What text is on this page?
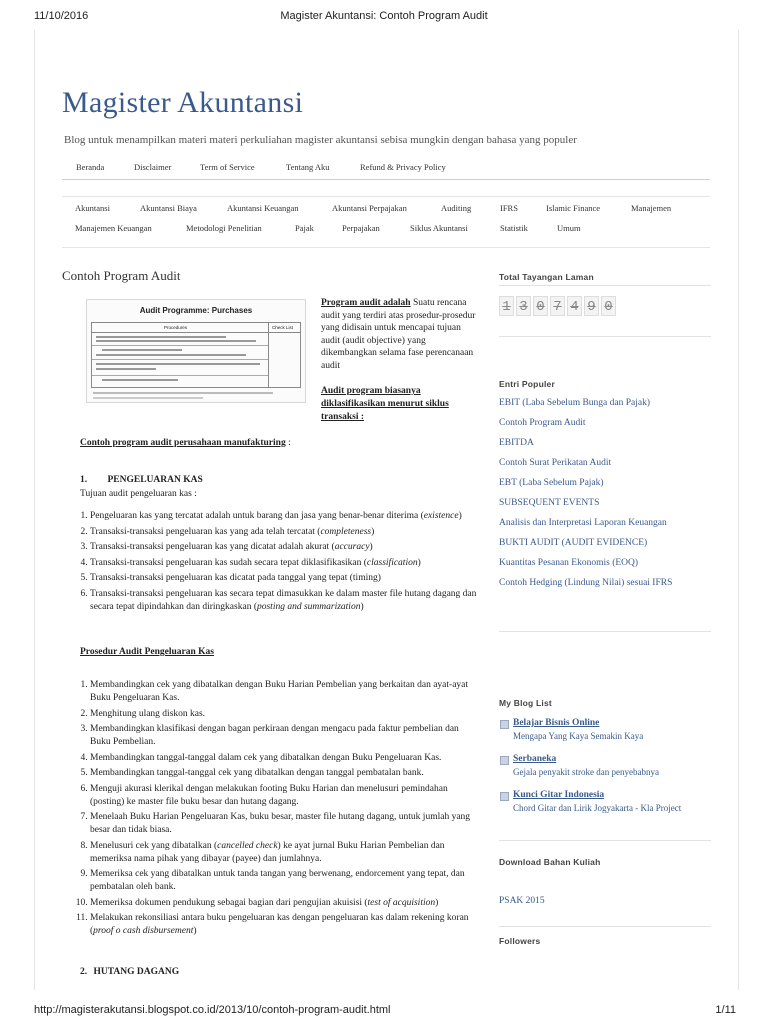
11/10/2016	Magister Akuntansi: Contoh Program Audit
Magister Akuntansi
Blog untuk menampilkan materi materi perkuliahan magister akuntansi sebisa mungkin dengan bahasa yang populer
Beranda	Disclaimer	Term of Service	Tentang Aku	Refund & Privacy Policy
Akuntansi	Akuntansi Biaya	Akuntansi Keuangan	Akuntansi Perpajakan	Auditing	IFRS	Islamic Finance	Manajemen
Manajemen Keuangan	Metodologi Penelitian	Pajak	Perpajakan	Siklus Akuntansi	Statistik	Umum
Contoh Program Audit
Audit Programme: Purchases
Procedures	Check List
Program audit adalah Suatu rencana audit yang terdiri atas prosedur-prosedur yang didisain untuk mencapai tujuan audit (audit objective) yang dikembangkan selama fase perencanaan audit
Audit program biasanya diklasifikasikan menurut siklus transaksi :
Contoh program audit perusahaan manufakturing :
1. PENGELUARAN KAS
Tujuan audit pengeluaran kas :
1. Pengeluaran kas yang tercatat adalah untuk barang dan jasa yang benar-benar diterima (existence)
2. Transaksi-transaksi pengeluaran kas yang ada telah tercatat (completeness)
3. Transaksi-transaksi pengeluaran kas yang dicatat adalah akurat (accuracy)
4. Transaksi-transaksi pengeluaran kas sudah secara tepat diklasifikasikan (classification)
5. Transaksi-transaksi pengeluaran kas dicatat pada tanggal yang tepat (timing)
6. Transaksi-transaksi pengeluaran kas secara tepat dimasukkan ke dalam master file hutang dagang dan secara tepat dipindahkan dan diringkaskan (posting and summarization)
Prosedur Audit Pengeluaran Kas
1. Membandingkan cek yang dibatalkan dengan Buku Harian Pembelian yang berkaitan dan ayat-ayat Buku Pengeluaran Kas.
2. Menghitung ulang diskon kas.
3. Membandingkan klasifikasi dengan bagan perkiraan dengan mengacu pada faktur pembelian dan Buku Pembelian.
4. Membandingkan tanggal-tanggal dalam cek yang dibatalkan dengan Buku Pengeluaran Kas.
5. Membandingkan tanggal-tanggal cek yang dibatalkan dengan tanggal pembatalan bank.
6. Menguji akurasi klerikal dengan melakukan footing Buku Harian dan menelusuri pemindahan (posting) ke master file buku besar dan hutang dagang.
7. Menelaah Buku Harian Pengeluaran Kas, buku besar, master file hutang dagang, untuk jumlah yang besar dan tidak biasa.
8. Menelusuri cek yang dibatalkan (cancelled check) ke ayat jurnal Buku Harian Pembelian dan memeriksa nama pihak yang dibayar (payee) dan jumlahnya.
9. Memeriksa cek yang dibatalkan untuk tanda tangan yang berwenang, endorcement yang tepat, dan pembatalan oleh bank.
10. Memeriksa dokumen pendukung sebagai bagian dari pengujian akuisisi (test of acquisition)
11. Melakukan rekonsiliasi antara buku pengeluaran kas dengan pengeluaran kas dalam rekening koran (proof o cash disbursement)
2. HUTANG DAGANG
Total Tayangan Laman
1 3 0 7 4 9 0
Entri Populer
EBIT (Laba Sebelum Bunga dan Pajak)
Contoh Program Audit
EBITDA
Contoh Surat Perikatan Audit
EBT (Laba Sebelum Pajak)
SUBSEQUENT EVENTS
Analisis dan Interpretasi Laporan Keuangan
BUKTI AUDIT (AUDIT EVIDENCE)
Kuantitas Pesanan Ekonomis (EOQ)
Contoh Hedging (Lindung Nilai) sesuai IFRS
My Blog List
Belajar Bisnis Online
Mengapa Yang Kaya Semakin Kaya
Serbaneka
Gejala penyakit stroke dan penyebabnya
Kunci Gitar Indonesia
Chord Gitar dan Lirik Jogyakarta - Kla Project
Download Bahan Kuliah
PSAK 2015
Followers
http://magisterakutansi.blogspot.co.id/2013/10/contoh-program-audit.html	1/11
